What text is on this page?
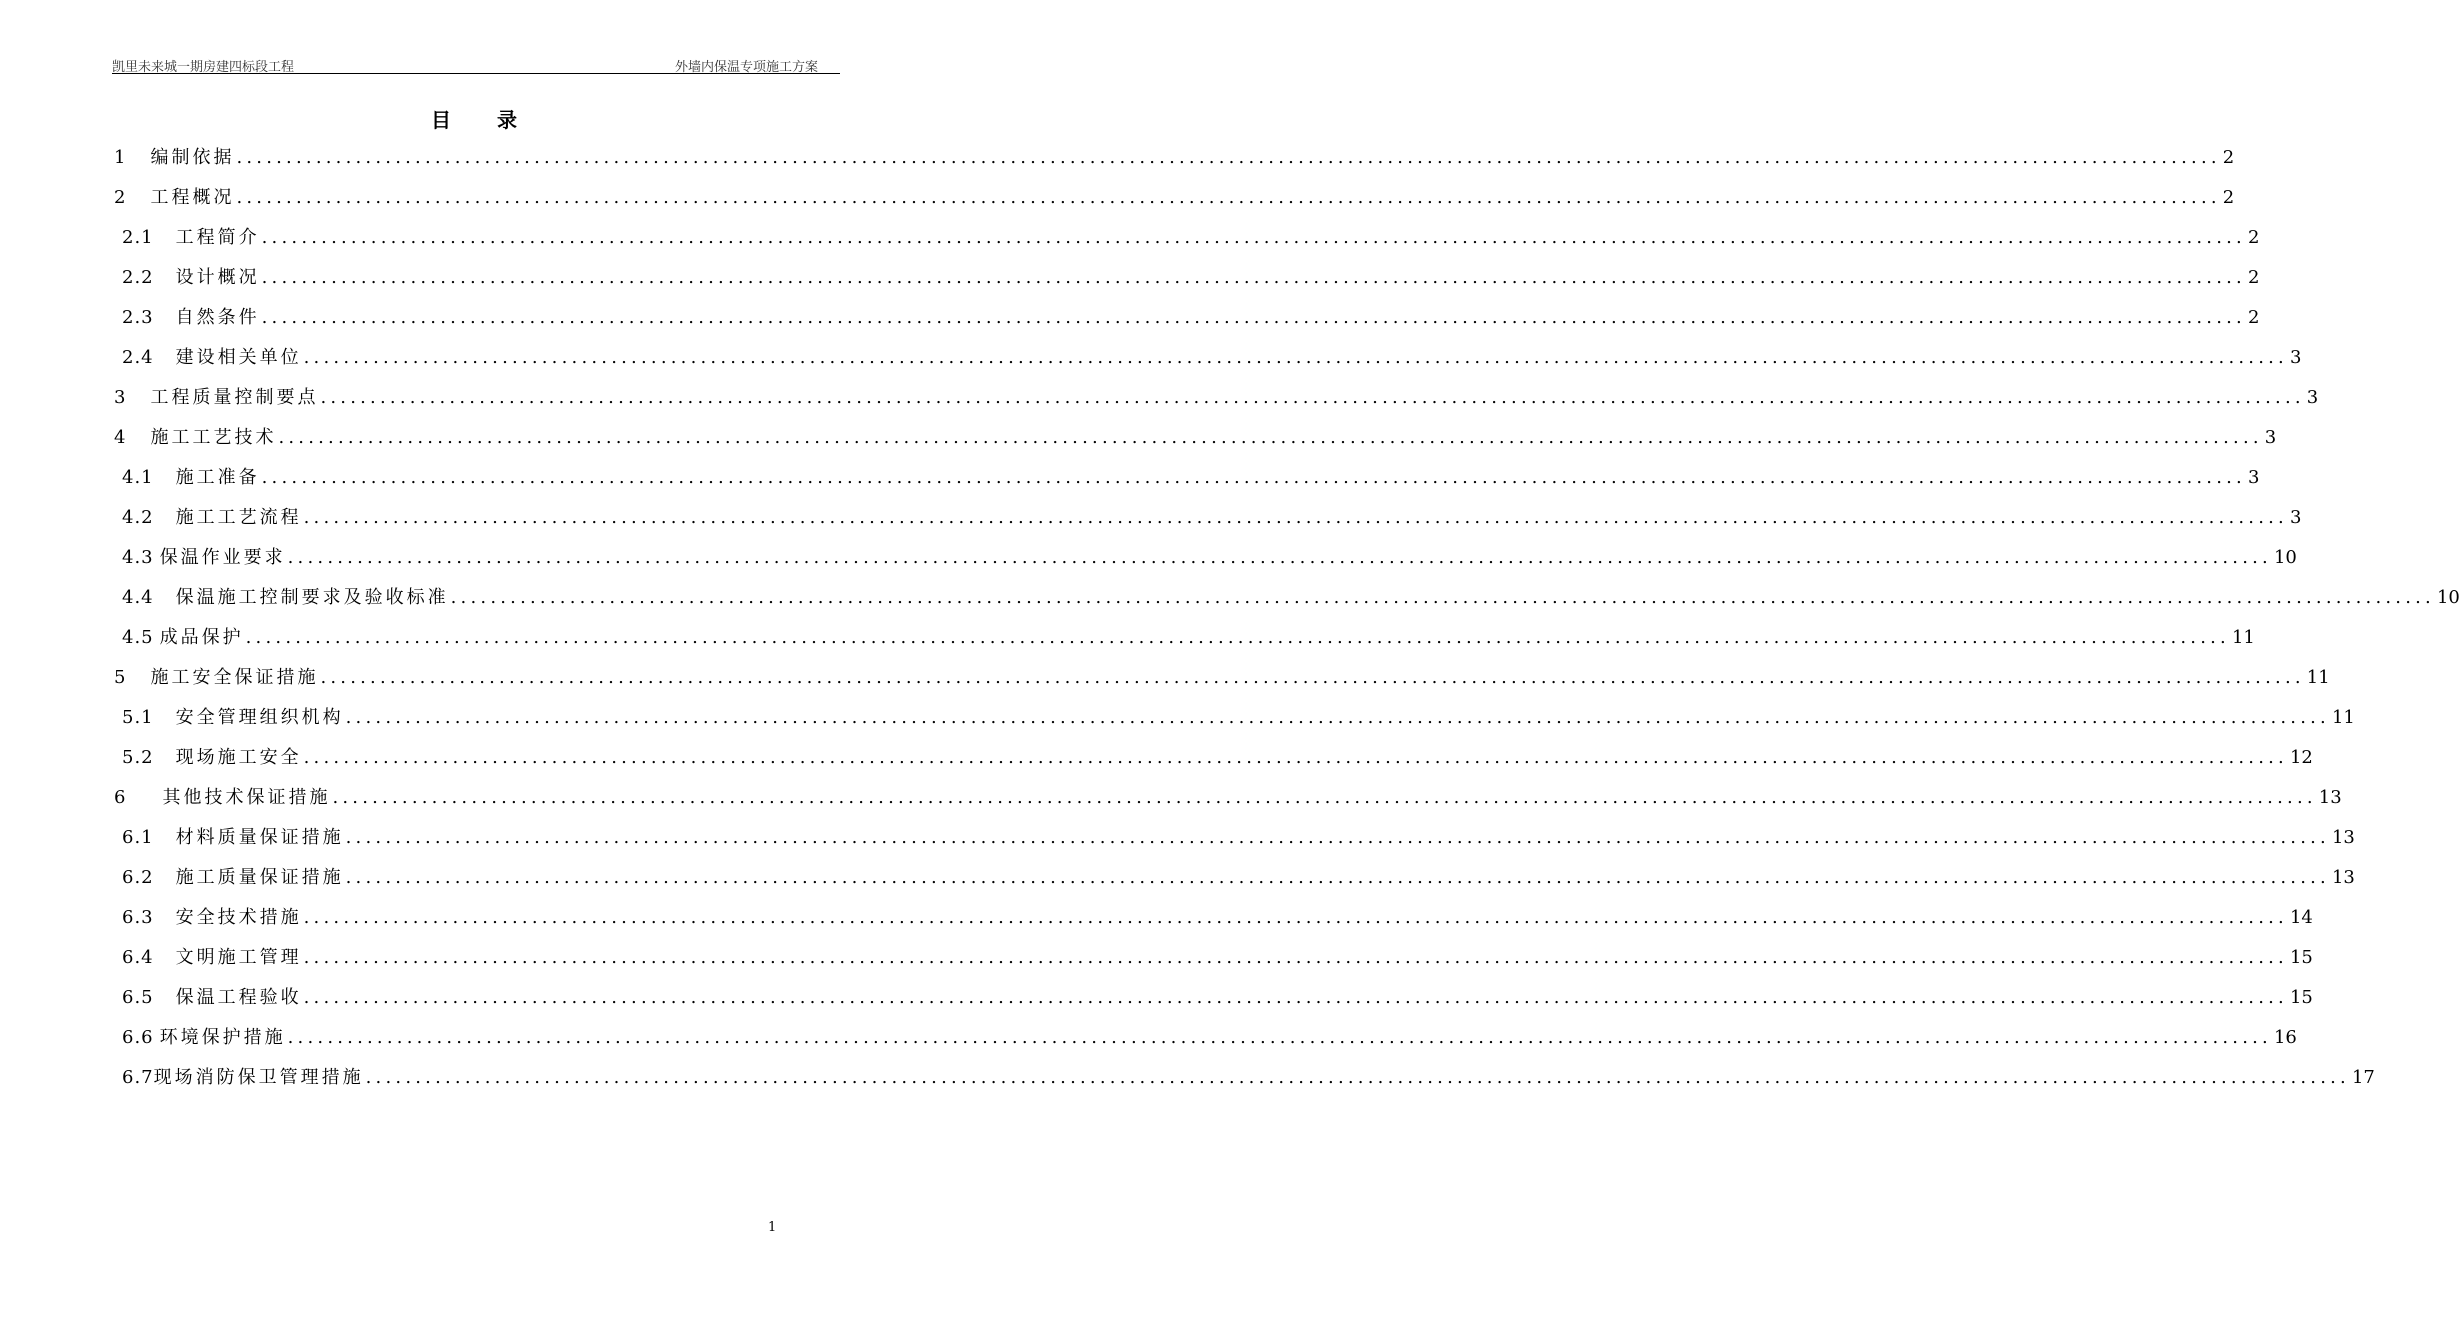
凯里未来城一期房建四标段工程	外墙内保温专项施工方案
目　　录
1 编制依据 ........................................................................................................................................................................................................ 2
2 工程概况 ........................................................................................................................................................................................................ 2
2.1 工程简介 ........................................................................................................................................................................................................ 2
2.2 设计概况 ........................................................................................................................................................................................................ 2
2.3 自然条件 ........................................................................................................................................................................................................ 2
2.4 建设相关单位 ........................................................................................................................................................................................................ 3
3 工程质量控制要点 ........................................................................................................................................................................................................ 3
4 施工工艺技术 ........................................................................................................................................................................................................ 3
4.1 施工准备 ........................................................................................................................................................................................................ 3
4.2 施工工艺流程 ........................................................................................................................................................................................................ 3
4.3 保温作业要求 ........................................................................................................................................................................................................ 10
4.4 保温施工控制要求及验收标准 ........................................................................................................................................................................................................ 10
4.5 成品保护 ........................................................................................................................................................................................................ 11
5 施工安全保证措施 ........................................................................................................................................................................................................ 11
5.1 安全管理组织机构 ........................................................................................................................................................................................................ 11
5.2 现场施工安全 ........................................................................................................................................................................................................ 12
6 其他技术保证措施 ........................................................................................................................................................................................................ 13
6.1 材料质量保证措施 ........................................................................................................................................................................................................ 13
6.2 施工质量保证措施 ........................................................................................................................................................................................................ 13
6.3 安全技术措施 ........................................................................................................................................................................................................ 14
6.4 文明施工管理 ........................................................................................................................................................................................................ 15
6.5 保温工程验收 ........................................................................................................................................................................................................ 15
6.6 环境保护措施 ........................................................................................................................................................................................................ 16
6.7 现场消防保卫管理措施 ........................................................................................................................................................................................................ 17
1
